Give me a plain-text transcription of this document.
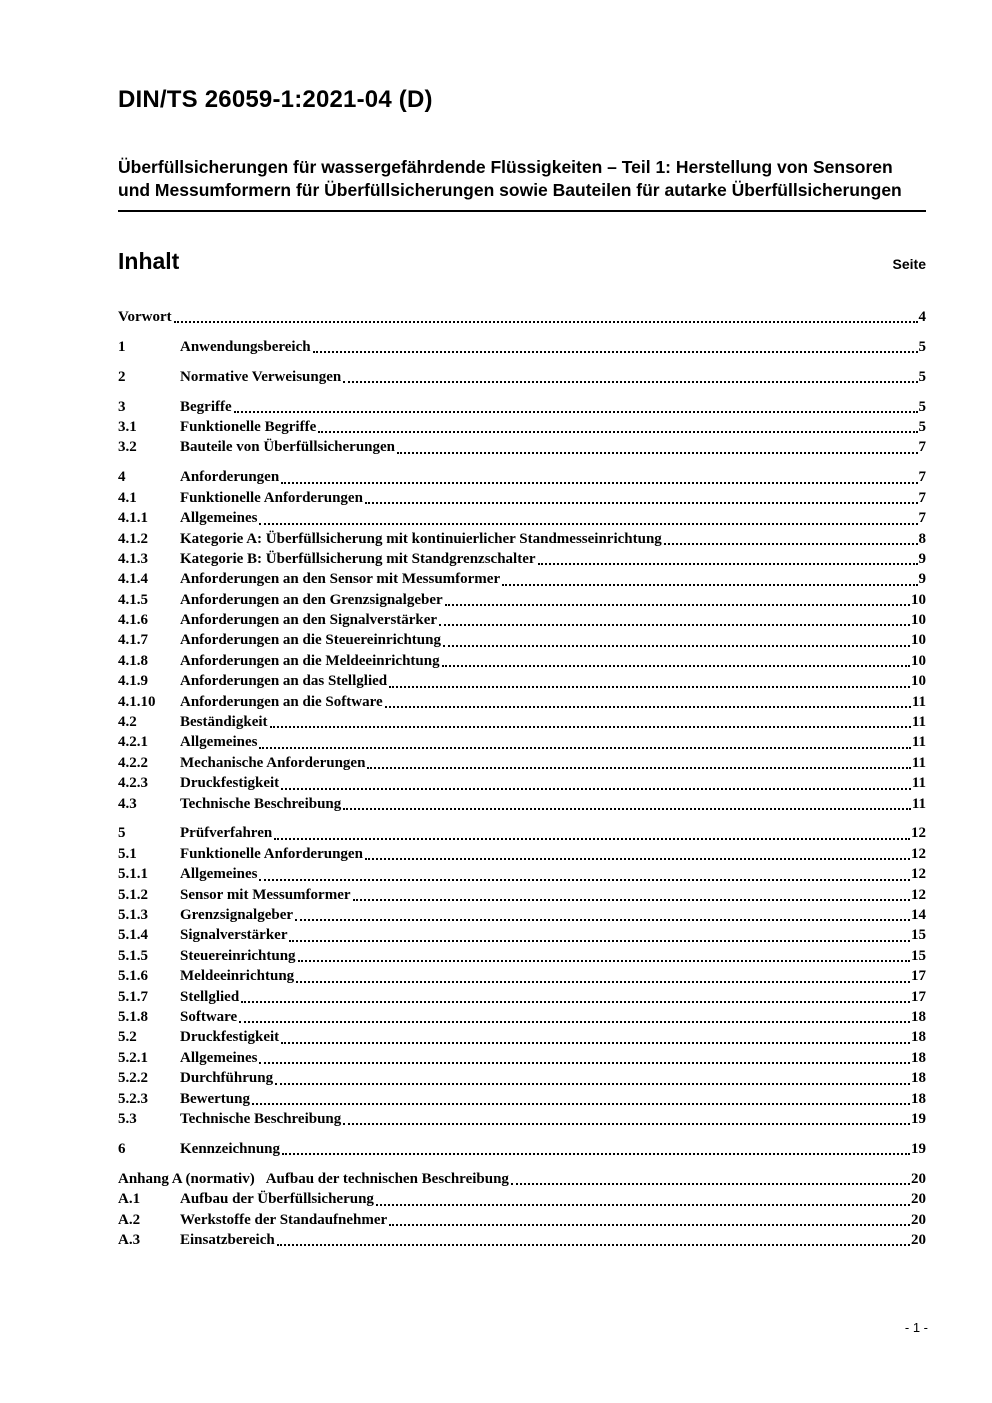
DIN/TS 26059-1:2021-04 (D)
Überfüllsicherungen für wassergefährdende Flüssigkeiten – Teil 1: Herstellung von Sensoren und Messumformern für Überfüllsicherungen sowie Bauteilen für autarke Überfüllsicherungen
Inhalt	Seite
Vorwort	4
1	Anwendungsbereich	5
2	Normative Verweisungen	5
3	Begriffe	5
3.1	Funktionelle Begriffe	5
3.2	Bauteile von Überfüllsicherungen	7
4	Anforderungen	7
4.1	Funktionelle Anforderungen	7
4.1.1	Allgemeines	7
4.1.2	Kategorie A: Überfüllsicherung mit kontinuierlicher Standmesseinrichtung	8
4.1.3	Kategorie B: Überfüllsicherung mit Standgrenzschalter	9
4.1.4	Anforderungen an den Sensor mit Messumformer	9
4.1.5	Anforderungen an den Grenzsignalgeber	10
4.1.6	Anforderungen an den Signalverstärker	10
4.1.7	Anforderungen an die Steuereinrichtung	10
4.1.8	Anforderungen an die Meldeeinrichtung	10
4.1.9	Anforderungen an das Stellglied	10
4.1.10	Anforderungen an die Software	11
4.2	Beständigkeit	11
4.2.1	Allgemeines	11
4.2.2	Mechanische Anforderungen	11
4.2.3	Druckfestigkeit	11
4.3	Technische Beschreibung	11
5	Prüfverfahren	12
5.1	Funktionelle Anforderungen	12
5.1.1	Allgemeines	12
5.1.2	Sensor mit Messumformer	12
5.1.3	Grenzsignalgeber	14
5.1.4	Signalverstärker	15
5.1.5	Steuereinrichtung	15
5.1.6	Meldeeinrichtung	17
5.1.7	Stellglied	17
5.1.8	Software	18
5.2	Druckfestigkeit	18
5.2.1	Allgemeines	18
5.2.2	Durchführung	18
5.2.3	Bewertung	18
5.3	Technische Beschreibung	19
6	Kennzeichnung	19
Anhang A (normativ) Aufbau der technischen Beschreibung	20
A.1	Aufbau der Überfüllsicherung	20
A.2	Werkstoffe der Standaufnehmer	20
A.3	Einsatzbereich	20
- 1 -
